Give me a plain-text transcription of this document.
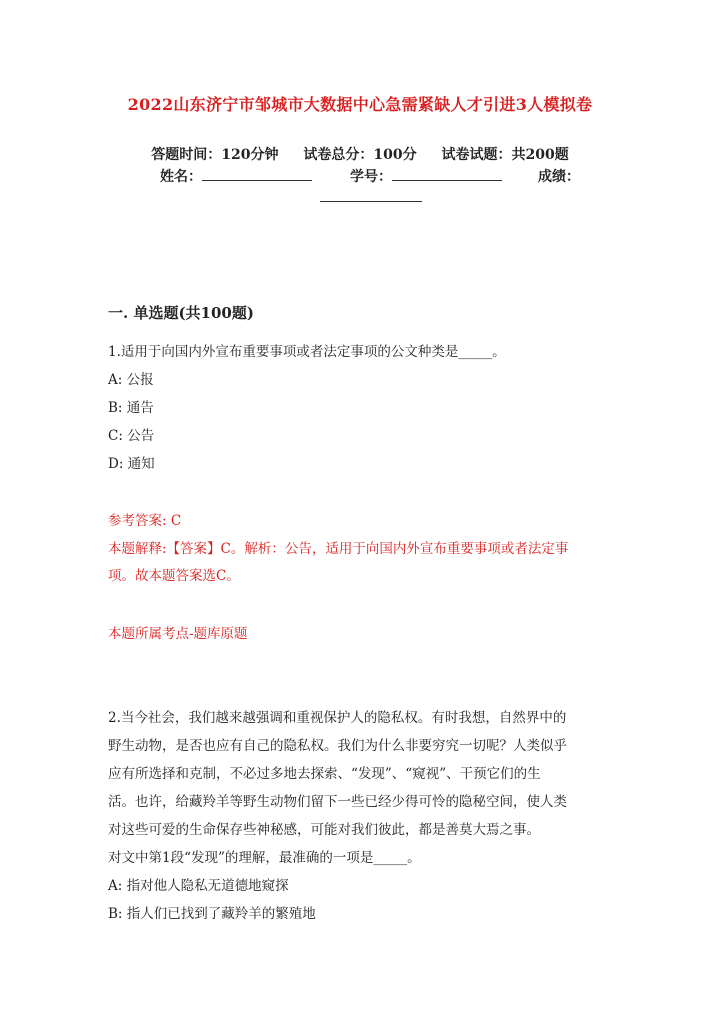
2022山东济宁市邹城市大数据中心急需紧缺人才引进3人模拟卷
答题时间：120分钟 试卷总分：100分 试卷试题：共200题
姓名：	学号：	成绩：
一. 单选题(共100题)
1.适用于向国内外宣布重要事项或者法定事项的公文种类是_____。
A: 公报
B: 通告
C: 公告
D: 通知
参考答案: C
本题解释:【答案】C。解析：公告，适用于向国内外宣布重要事项或者法定事
项。故本题答案选C。
本题所属考点-题库原题
2.当今社会，我们越来越强调和重视保护人的隐私权。有时我想，自然界中的
野生动物，是否也应有自己的隐私权。我们为什么非要穷究一切呢？人类似乎
应有所选择和克制，不必过多地去探索、“发现”、“窥视”、干预它们的生
活。也许，给藏羚羊等野生动物们留下一些已经少得可怜的隐秘空间，使人类
对这些可爱的生命保存些神秘感，可能对我们彼此，都是善莫大焉之事。
对文中第1段“发现”的理解，最准确的一项是_____。
A: 指对他人隐私无道德地窥探
B: 指人们已找到了藏羚羊的繁殖地
